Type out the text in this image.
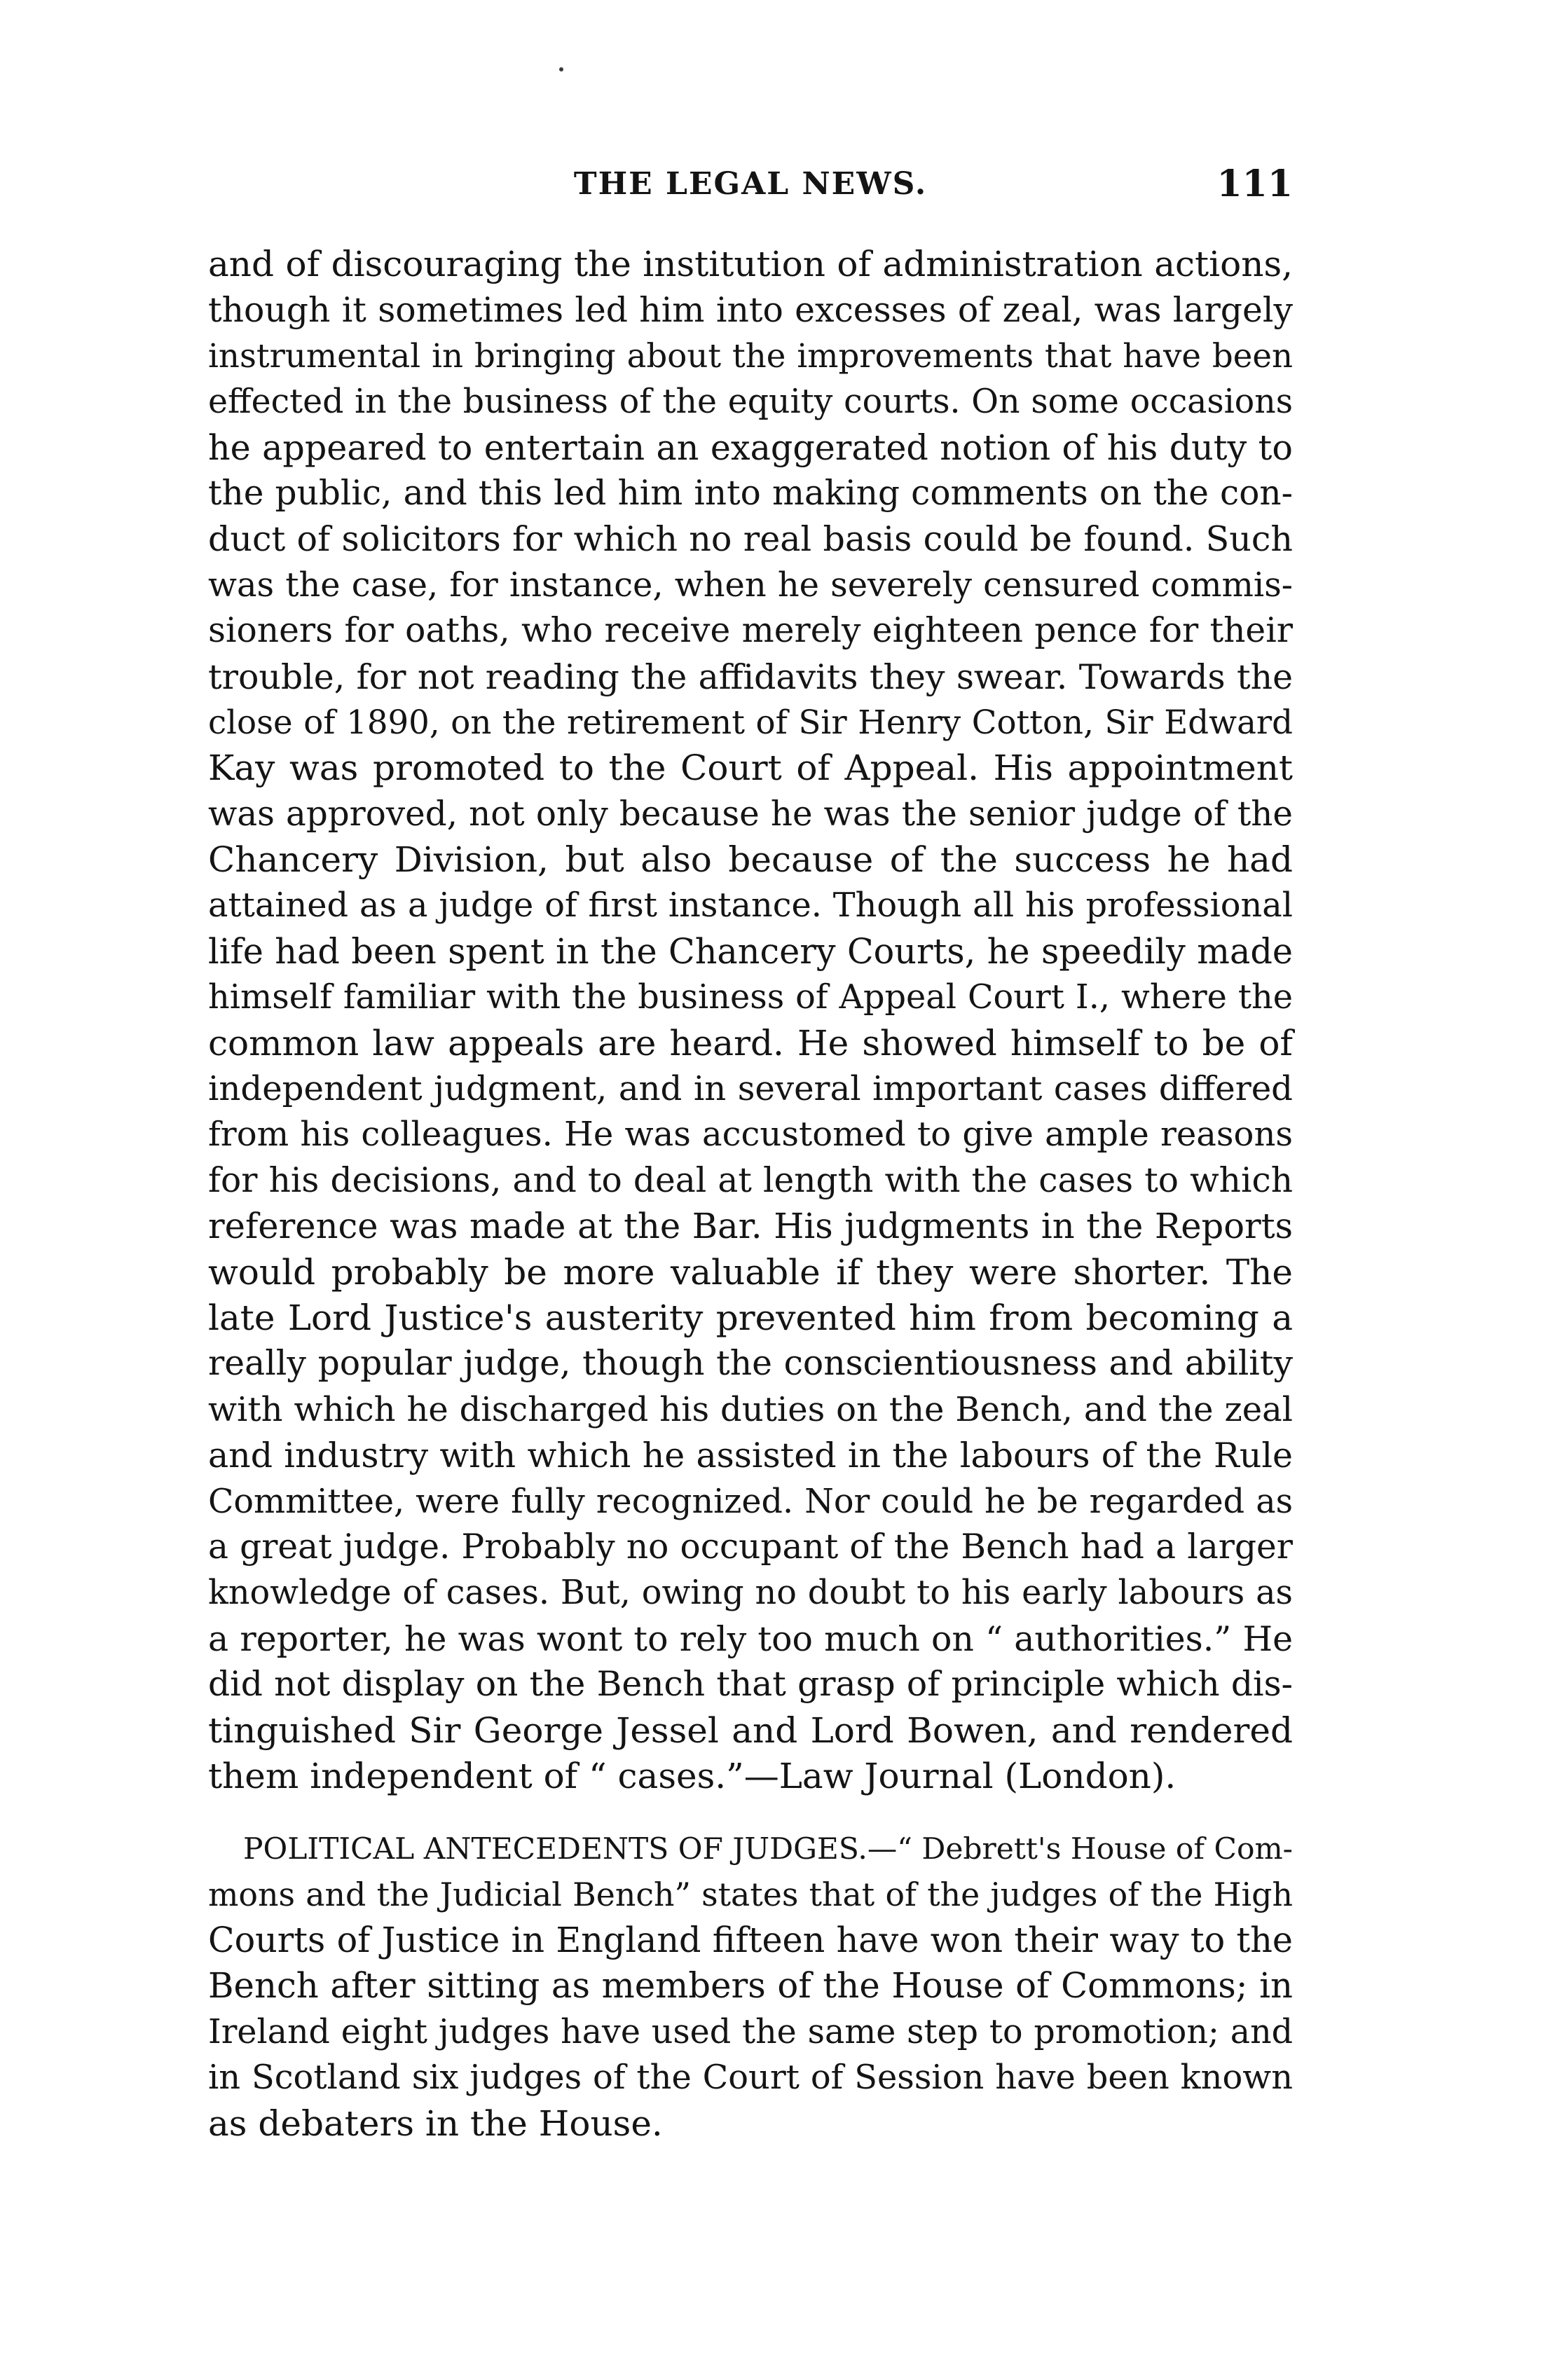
THE LEGAL NEWS.	111
and of discouraging the institution of administration actions,
though it sometimes led him into excesses of zeal, was largely
instrumental in bringing about the improvements that have been
effected in the business of the equity courts. On some occasions
he appeared to entertain an exaggerated notion of his duty to
the public, and this led him into making comments on the con-
duct of solicitors for which no real basis could be found. Such
was the case, for instance, when he severely censured commis-
sioners for oaths, who receive merely eighteen pence for their
trouble, for not reading the affidavits they swear. Towards the
close of 1890, on the retirement of Sir Henry Cotton, Sir Edward
Kay was promoted to the Court of Appeal. His appointment
was approved, not only because he was the senior judge of the
Chancery Division, but also because of the success he had
attained as a judge of first instance. Though all his professional
life had been spent in the Chancery Courts, he speedily made
himself familiar with the business of Appeal Court I., where the
common law appeals are heard. He showed himself to be of
independent judgment, and in several important cases differed
from his colleagues. He was accustomed to give ample reasons
for his decisions, and to deal at length with the cases to which
reference was made at the Bar. His judgments in the Reports
would probably be more valuable if they were shorter. The
late Lord Justice's austerity prevented him from becoming a
really popular judge, though the conscientiousness and ability
with which he discharged his duties on the Bench, and the zeal
and industry with which he assisted in the labours of the Rule
Committee, were fully recognized. Nor could he be regarded as
a great judge. Probably no occupant of the Bench had a larger
knowledge of cases. But, owing no doubt to his early labours as
a reporter, he was wont to rely too much on “ authorities.” He
did not display on the Bench that grasp of principle which dis-
tinguished Sir George Jessel and Lord Bowen, and rendered
them independent of “ cases.”—Law Journal (London).
POLITICAL ANTECEDENTS OF JUDGES.—“ Debrett's House of Com-
mons and the Judicial Bench” states that of the judges of the High
Courts of Justice in England fifteen have won their way to the
Bench after sitting as members of the House of Commons; in
Ireland eight judges have used the same step to promotion; and
in Scotland six judges of the Court of Session have been known
as debaters in the House.
